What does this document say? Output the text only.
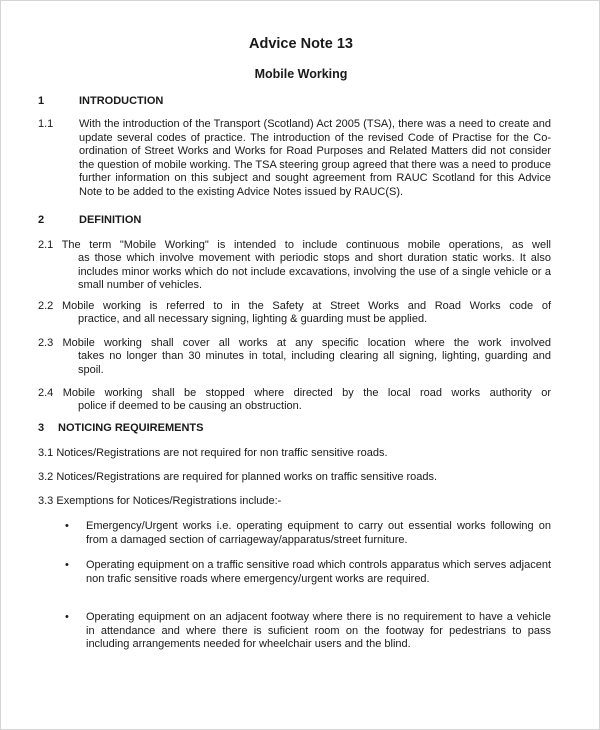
Advice Note 13
Mobile Working
1	INTRODUCTION
1.1 With the introduction of the Transport (Scotland) Act 2005 (TSA), there was a need to create and update several codes of practice. The introduction of the revised Code of Practise for the Co-ordination of Street Works and Works for Road Purposes and Related Matters did not consider the question of mobile working. The TSA steering group agreed that there was a need to produce further information on this subject and sought agreement from RAUC Scotland for this Advice Note to be added to the existing Advice Notes issued by RAUC(S).
2	DEFINITION
2.1 The term "Mobile Working" is intended to include continuous mobile operations, as well
as those which involve movement with periodic stops and short duration static works. It also includes minor works which do not include excavations, involving the use of a single vehicle or a small number of vehicles.
2.2 Mobile working is referred to in the Safety at Street Works and Road Works code of
practice, and all necessary signing, lighting & guarding must be applied.
2.3 Mobile working shall cover all works at any specific location where the work involved
takes no longer than 30 minutes in total, including clearing all signing, lighting, guarding and spoil.
2.4 Mobile working shall be stopped where directed by the local road works authority or
police if deemed to be causing an obstruction.
3 NOTICING REQUIREMENTS
3.1 Notices/Registrations are not required for non traffic sensitive roads.
3.2 Notices/Registrations are required for planned works on traffic sensitive roads.
3.3 Exemptions for Notices/Registrations include:-
• Emergency/Urgent works i.e. operating equipment to carry out essential works following on from a damaged section of carriageway/apparatus/street furniture.
• Operating equipment on a traffic sensitive road which controls apparatus which serves adjacent non trafic sensitive roads where emergency/urgent works are required.
• Operating equipment on an adjacent footway where there is no requirement to have a vehicle in attendance and where there is suficient room on the footway for pedestrians to pass including arrangements needed for wheelchair users and the blind.
